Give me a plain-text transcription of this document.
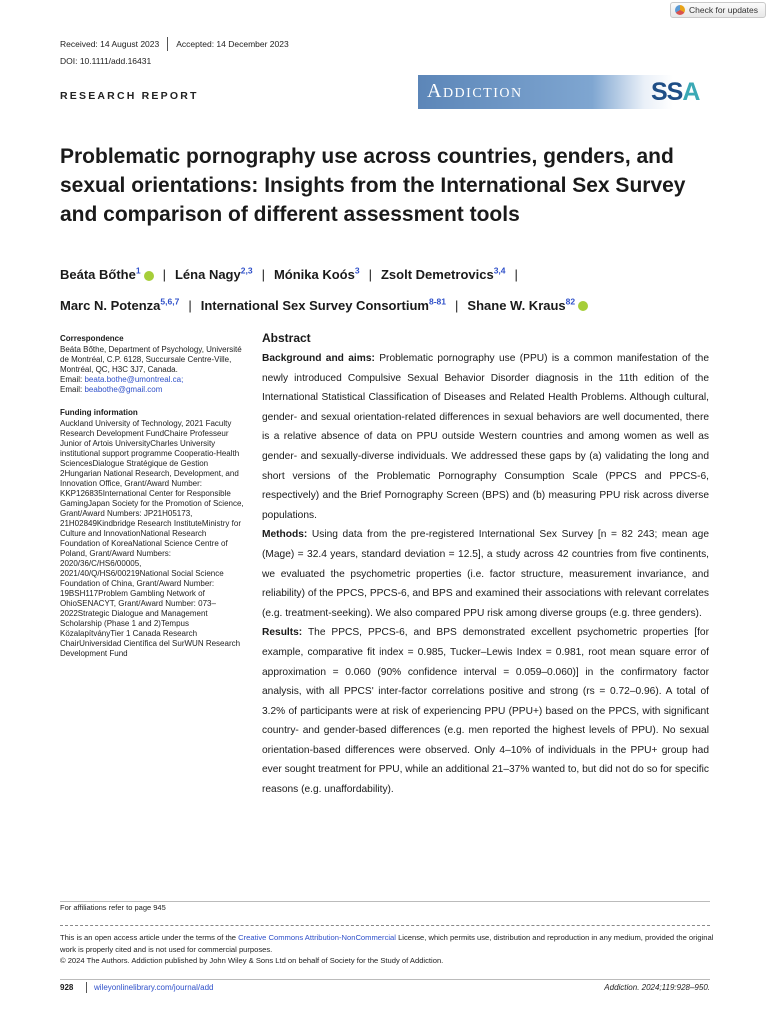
Check for updates
Received: 14 August 2023 Accepted: 14 December 2023
DOI: 10.1111/add.16431
RESEARCH REPORT	Addiction	SSA
Problematic pornography use across countries, genders, and sexual orientations: Insights from the International Sex Survey and comparison of different assessment tools
Beáta Bőthe$^1$ | Léna Nagy$^{2,3}$ | Mónika Koós$^3$ | Zsolt Demetrovics$^{3,4}$ |
Marc N. Potenza$^{5,6,7}$ | International Sex Survey Consortium$^{8-81}$ | Shane W. Kraus$^{82}$
Correspondence
Beáta Bőthe, Department of Psychology, Université de Montréal, C.P. 6128, Succursale Centre-Ville, Montréal, QC, H3C 3J7, Canada.
Email: beata.bothe@umontreal.ca;
Email: beabothe@gmail.com
Funding information
Auckland University of Technology, 2021 Faculty Research Development FundChaire Professeur Junior of Artois UniversityCharles University institutional support programme Cooperatio-Health SciencesDialogue Stratégique de Gestion 2Hungarian National Research, Development, and Innovation Office, Grant/Award Number: KKP126835International Center for Responsible GamingJapan Society for the Promotion of Science, Grant/Award Numbers: JP21H05173, 21H02849Kindbridge Research InstituteMinistry for Culture and InnovationNational Research Foundation of KoreaNational Science Centre of Poland, Grant/Award Numbers: 2020/36/C/HS6/00005, 2021/40/Q/HS6/00219National Social Science Foundation of China, Grant/Award Number: 19BSH117Problem Gambling Network of OhioSENACYT, Grant/Award Number: 073–2022Strategic Dialogue and Management Scholarship (Phase 1 and 2)Tempus KözalapítványTier 1 Canada Research ChairUniversidad Científica del SurWUN Research Development Fund
Abstract

Background and aims: Problematic pornography use (PPU) is a common manifestation of the newly introduced Compulsive Sexual Behavior Disorder diagnosis in the 11th edition of the International Statistical Classification of Diseases and Related Health Problems. Although cultural, gender- and sexual orientation-related differences in sexual behaviors are well documented, there is a relative absence of data on PPU outside Western countries and among women as well as gender- and sexually-diverse individuals. We addressed these gaps by (a) validating the long and short versions of the Problematic Pornography Consumption Scale (PPCS and PPCS-6, respectively) and the Brief Pornography Screen (BPS) and (b) measuring PPU risk across diverse populations.

Methods: Using data from the pre-registered International Sex Survey [n = 82 243; mean age (Mage) = 32.4 years, standard deviation = 12.5], a study across 42 countries from five continents, we evaluated the psychometric properties (i.e. factor structure, measurement invariance, and reliability) of the PPCS, PPCS-6, and BPS and examined their associations with relevant correlates (e.g. treatment-seeking). We also compared PPU risk among diverse groups (e.g. three genders).

Results: The PPCS, PPCS-6, and BPS demonstrated excellent psychometric properties [for example, comparative fit index = 0.985, Tucker–Lewis Index = 0.981, root mean square error of approximation = 0.060 (90% confidence interval = 0.059–0.060)] in the confirmatory factor analysis, with all PPCS' inter-factor correlations positive and strong (rs = 0.72–0.96). A total of 3.2% of participants were at risk of experiencing PPU (PPU+) based on the PPCS, with significant country- and gender-based differences (e.g. men reported the highest levels of PPU). No sexual orientation-based differences were observed. Only 4–10% of individuals in the PPU+ group had ever sought treatment for PPU, while an additional 21–37% wanted to, but did not do so for specific reasons (e.g. unaffordability).

For affiliations refer to page 945
This is an open access article under the terms of the Creative Commons Attribution-NonCommercial License, which permits use, distribution and reproduction in any medium, provided the original work is properly cited and is not used for commercial purposes.
© 2024 The Authors. Addiction published by John Wiley & Sons Ltd on behalf of Society for the Study of Addiction.
928	wileyonlinelibrary.com/journal/add	Addiction. 2024;119:928–950.
